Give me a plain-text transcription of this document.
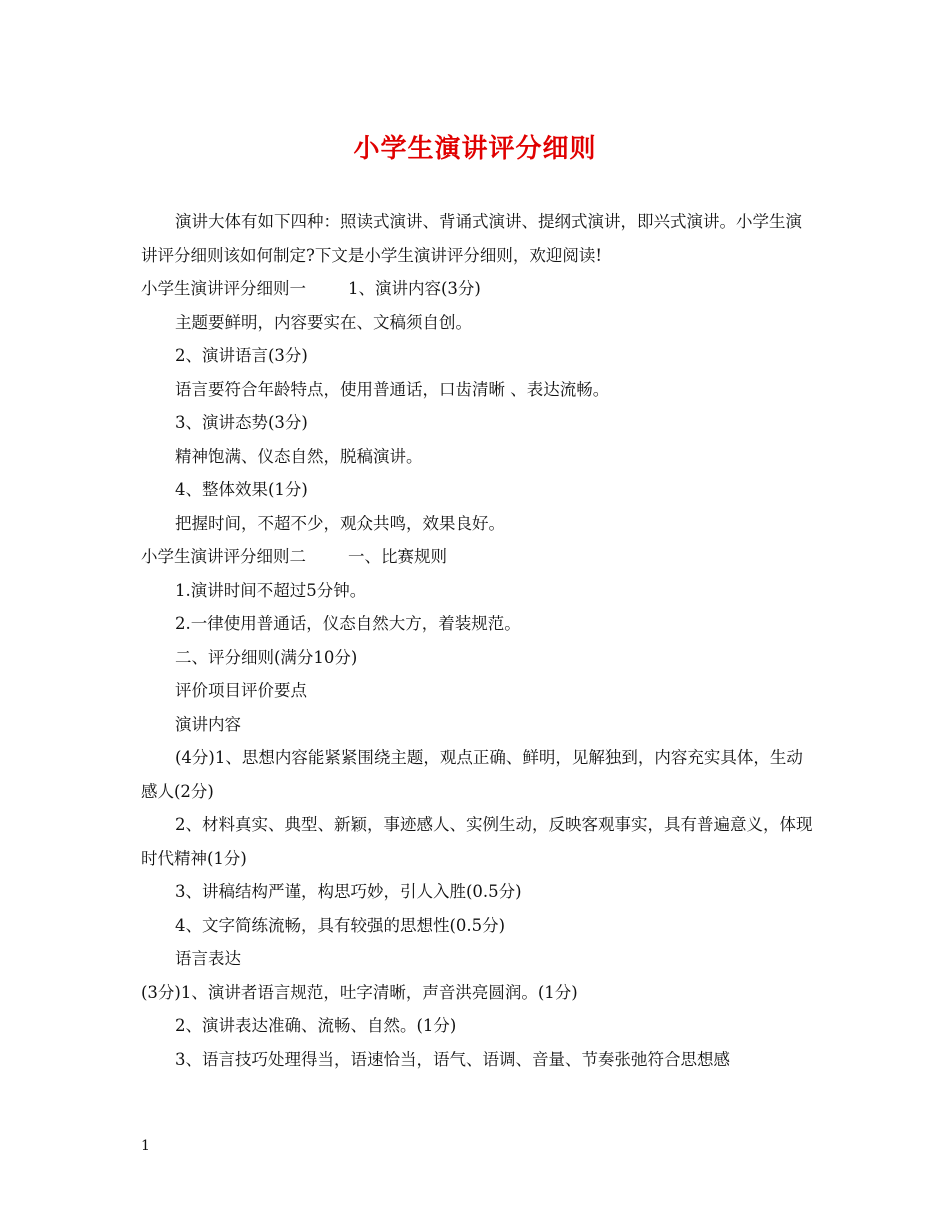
小学生演讲评分细则

演讲大体有如下四种：照读式演讲、背诵式演讲、提纲式演讲，即兴式演讲。小学生演讲评分细则该如何制定?下文是小学生演讲评分细则，欢迎阅读!

小学生演讲评分细则一        1、演讲内容(3分)

主题要鲜明，内容要实在、文稿须自创。

2、演讲语言(3分)

语言要符合年龄特点，使用普通话，口齿清晰 、表达流畅。

3、演讲态势(3分)

精神饱满、仪态自然，脱稿演讲。

4、整体效果(1分)

把握时间，不超不少，观众共鸣，效果良好。

小学生演讲评分细则二        一、比赛规则

1.演讲时间不超过5分钟。

2.一律使用普通话，仪态自然大方，着装规范。

二、评分细则(满分10分)

评价项目评价要点

演讲内容

(4分)1、思想内容能紧紧围绕主题，观点正确、鲜明，见解独到，内容充实具体，生动感人(2分)

2、材料真实、典型、新颖，事迹感人、实例生动，反映客观事实，具有普遍意义，体现时代精神(1分)

3、讲稿结构严谨，构思巧妙，引人入胜(0.5分)

4、文字简练流畅，具有较强的思想性(0.5分)

语言表达

(3分)1、演讲者语言规范，吐字清晰，声音洪亮圆润。(1分)

2、演讲表达准确、流畅、自然。(1分)

3、语言技巧处理得当，语速恰当，语气、语调、音量、节奏张弛符合思想感

1
